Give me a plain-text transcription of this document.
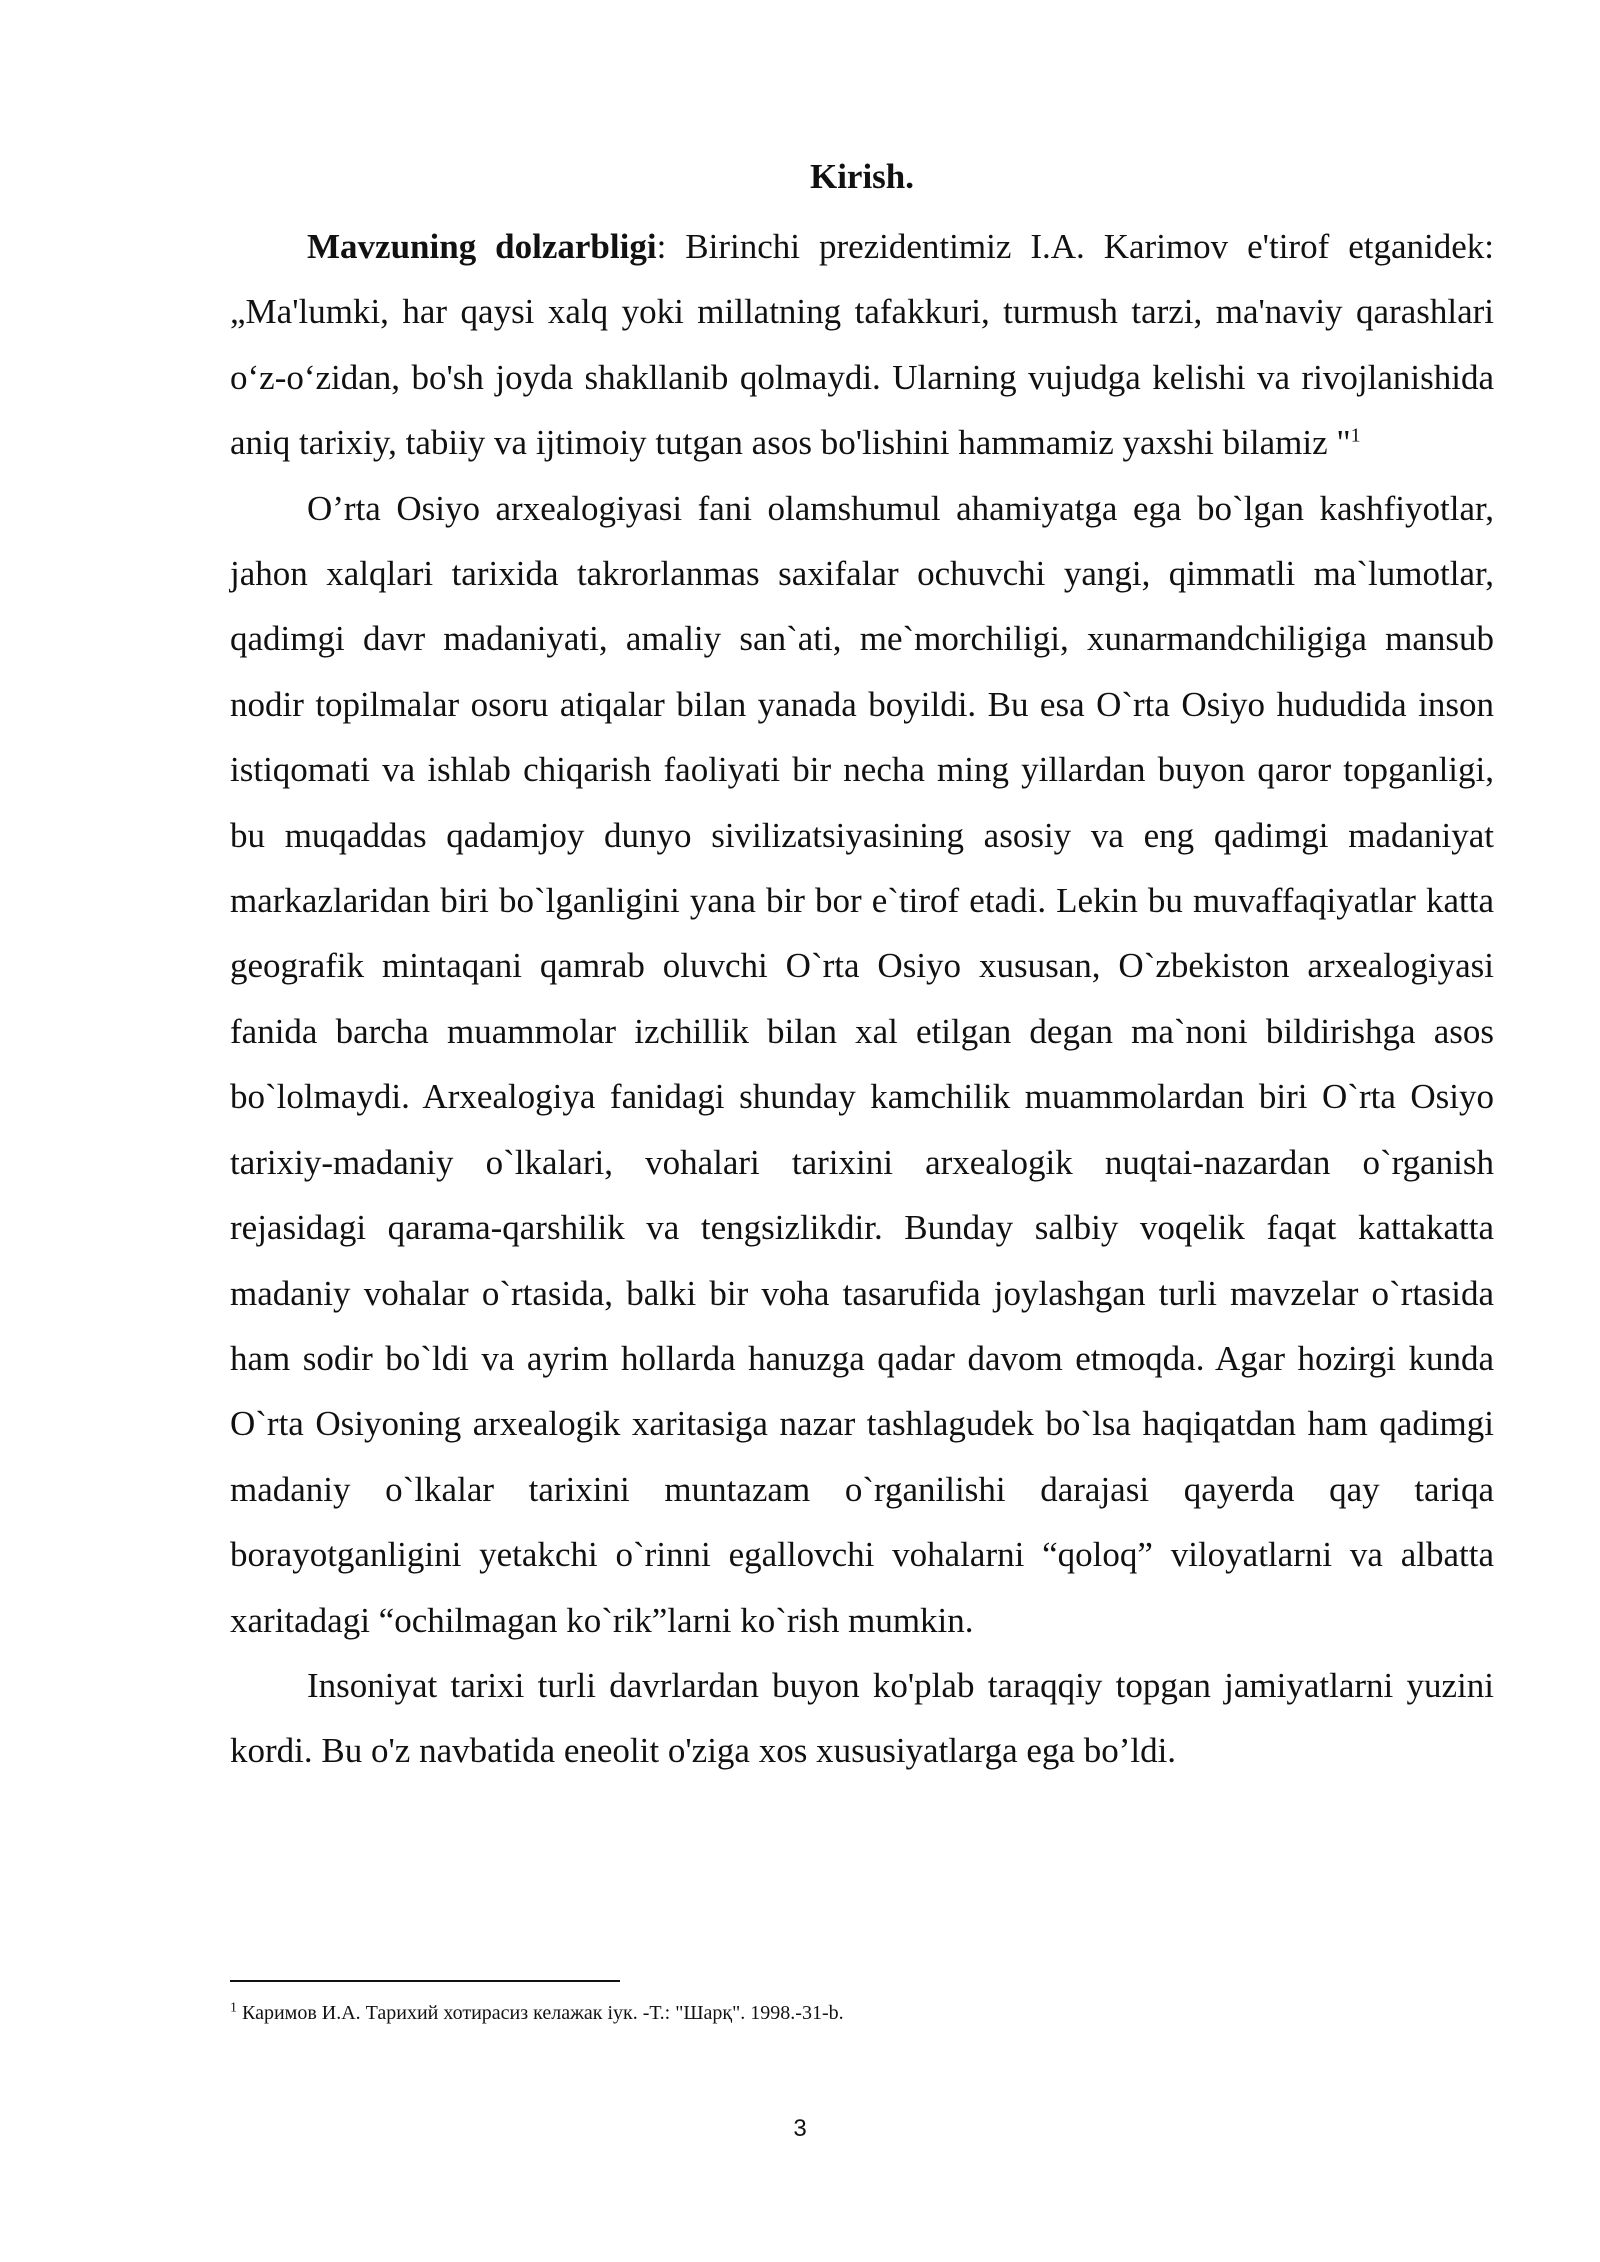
Kirish.

Mavzuning dolzarbligi: Birinchi prezidentimiz I.A. Karimov e'tirof etganidek: „Ma'lumki, har qaysi xalq yoki millatning tafakkuri, turmush tarzi, ma'naviy qarashlari o‘z-o‘zidan, bo'sh joyda shakllanib qolmaydi. Ularning vujudga kelishi va rivojlanishida aniq tarixiy, tabiiy va ijtimoiy tutgan asos bo'lishini hammamiz yaxshi bilamiz "$^1$

O’rta Osiyo arxealogiyasi fani olamshumul ahamiyatga ega bo`lgan kashfiyotlar, jahon xalqlari tarixida takrorlanmas saxifalar ochuvchi yangi, qimmatli ma`lumotlar, qadimgi davr madaniyati, amaliy san`ati, me`morchiligi, xunarmandchiligiga mansub nodir topilmalar osoru atiqalar bilan yanada boyildi. Bu esa O`rta Osiyo hududida inson istiqomati va ishlab chiqarish faoliyati bir necha ming yillardan buyon qaror topganligi, bu muqaddas qadamjoy dunyo sivilizatsiyasining asosiy va eng qadimgi madaniyat markazlaridan biri bo`lganligini yana bir bor e`tirof etadi. Lekin bu muvaffaqiyatlar katta geografik mintaqani qamrab oluvchi O`rta Osiyo xususan, O`zbekiston arxealogiyasi fanida barcha muammolar izchillik bilan xal etilgan degan ma`noni bildirishga asos bo`lolmaydi. Arxealogiya fanidagi shunday kamchilik muammolardan biri O`rta Osiyo tarixiy-madaniy o`lkalari, vohalari tarixini arxealogik nuqtai-nazardan o`rganish rejasidagi qarama-qarshilik va tengsizlikdir. Bunday salbiy voqelik faqat kattakatta madaniy vohalar o`rtasida, balki bir voha tasarufida joylashgan turli mavzelar o`rtasida ham sodir bo`ldi va ayrim hollarda hanuzga qadar davom etmoqda. Agar hozirgi kunda O`rta Osiyoning arxealogik xaritasiga nazar tashlagudek bo`lsa haqiqatdan ham qadimgi madaniy o`lkalar tarixini muntazam o`rganilishi darajasi qayerda qay tariqa borayotganligini yetakchi o`rinni egallovchi vohalarni “qoloq” viloyatlarni va albatta xaritadagi “ochilmagan ko`rik”larni ko`rish mumkin.

Insoniyat tarixi turli davrlardan buyon ko'plab taraqqiy topgan jamiyatlarni yuzini kordi. Bu o'z navbatida eneolit o'ziga xos xususiyatlarga ega bo’ldi.

$^1$ Каримов И.А. Тарихий хотирасиз келажак іук. -Т.: "Шарқ". 1998.-31-b.
3
